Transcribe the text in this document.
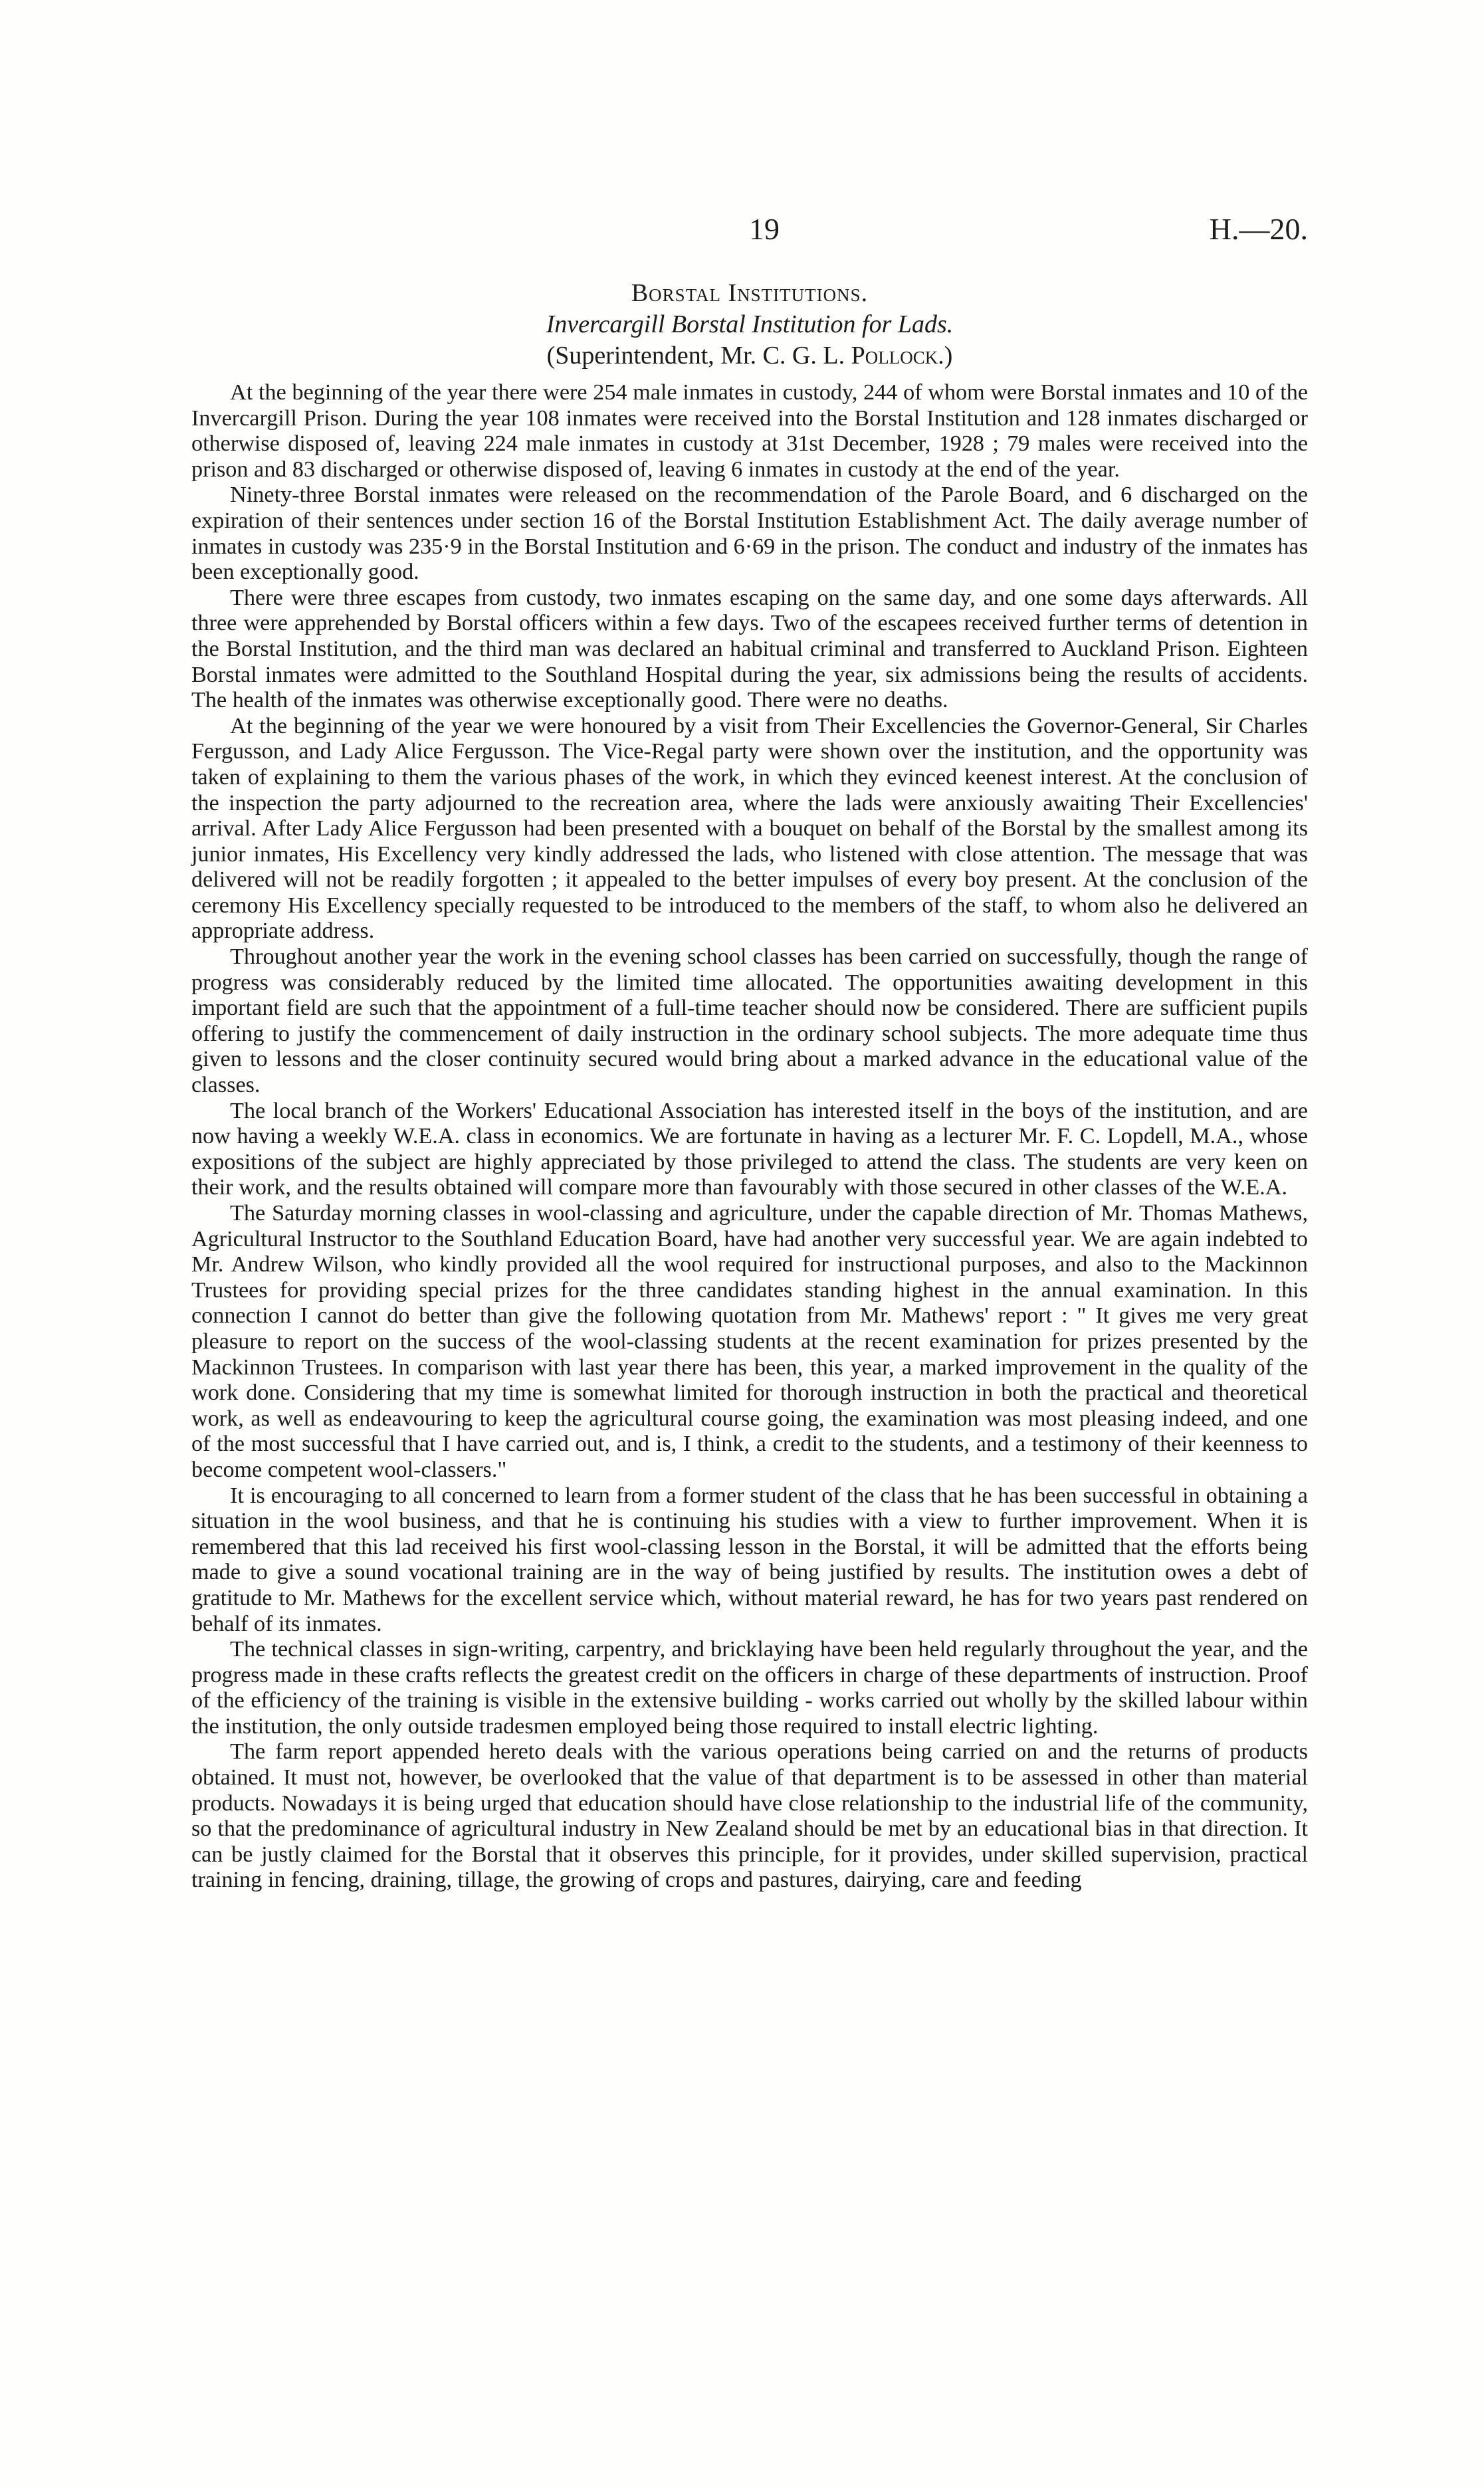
19	H.—20.
Borstal Institutions.
Invercargill Borstal Institution for Lads.
(Superintendent, Mr. C. G. L. Pollock.)

At the beginning of the year there were 254 male inmates in custody, 244 of whom were Borstal inmates and 10 of the Invercargill Prison. During the year 108 inmates were received into the Borstal Institution and 128 inmates discharged or otherwise disposed of, leaving 224 male inmates in custody at 31st December, 1928 ; 79 males were received into the prison and 83 discharged or otherwise disposed of, leaving 6 inmates in custody at the end of the year.

Ninety-three Borstal inmates were released on the recommendation of the Parole Board, and 6 discharged on the expiration of their sentences under section 16 of the Borstal Institution Establishment Act. The daily average number of inmates in custody was 235·9 in the Borstal Institution and 6·69 in the prison. The conduct and industry of the inmates has been exceptionally good.

There were three escapes from custody, two inmates escaping on the same day, and one some days afterwards. All three were apprehended by Borstal officers within a few days. Two of the escapees received further terms of detention in the Borstal Institution, and the third man was declared an habitual criminal and transferred to Auckland Prison. Eighteen Borstal inmates were admitted to the Southland Hospital during the year, six admissions being the results of accidents. The health of the inmates was otherwise exceptionally good. There were no deaths.

At the beginning of the year we were honoured by a visit from Their Excellencies the Governor-General, Sir Charles Fergusson, and Lady Alice Fergusson. The Vice-Regal party were shown over the institution, and the opportunity was taken of explaining to them the various phases of the work, in which they evinced keenest interest. At the conclusion of the inspection the party adjourned to the recreation area, where the lads were anxiously awaiting Their Excellencies' arrival. After Lady Alice Fergusson had been presented with a bouquet on behalf of the Borstal by the smallest among its junior inmates, His Excellency very kindly addressed the lads, who listened with close attention. The message that was delivered will not be readily forgotten ; it appealed to the better impulses of every boy present. At the conclusion of the ceremony His Excellency specially requested to be introduced to the members of the staff, to whom also he delivered an appropriate address.

Throughout another year the work in the evening school classes has been carried on successfully, though the range of progress was considerably reduced by the limited time allocated. The opportunities awaiting development in this important field are such that the appointment of a full-time teacher should now be considered. There are sufficient pupils offering to justify the commencement of daily instruction in the ordinary school subjects. The more adequate time thus given to lessons and the closer continuity secured would bring about a marked advance in the educational value of the classes.

The local branch of the Workers' Educational Association has interested itself in the boys of the institution, and are now having a weekly W.E.A. class in economics. We are fortunate in having as a lecturer Mr. F. C. Lopdell, M.A., whose expositions of the subject are highly appreciated by those privileged to attend the class. The students are very keen on their work, and the results obtained will compare more than favourably with those secured in other classes of the W.E.A.

The Saturday morning classes in wool-classing and agriculture, under the capable direction of Mr. Thomas Mathews, Agricultural Instructor to the Southland Education Board, have had another very successful year. We are again indebted to Mr. Andrew Wilson, who kindly provided all the wool required for instructional purposes, and also to the Mackinnon Trustees for providing special prizes for the three candidates standing highest in the annual examination. In this connection I cannot do better than give the following quotation from Mr. Mathews' report : " It gives me very great pleasure to report on the success of the wool-classing students at the recent examination for prizes presented by the Mackinnon Trustees. In comparison with last year there has been, this year, a marked improvement in the quality of the work done. Considering that my time is somewhat limited for thorough instruction in both the practical and theoretical work, as well as endeavouring to keep the agricultural course going, the examination was most pleasing indeed, and one of the most successful that I have carried out, and is, I think, a credit to the students, and a testimony of their keenness to become competent wool-classers."

It is encouraging to all concerned to learn from a former student of the class that he has been successful in obtaining a situation in the wool business, and that he is continuing his studies with a view to further improvement. When it is remembered that this lad received his first wool-classing lesson in the Borstal, it will be admitted that the efforts being made to give a sound vocational training are in the way of being justified by results. The institution owes a debt of gratitude to Mr. Mathews for the excellent service which, without material reward, he has for two years past rendered on behalf of its inmates.

The technical classes in sign-writing, carpentry, and bricklaying have been held regularly throughout the year, and the progress made in these crafts reflects the greatest credit on the officers in charge of these departments of instruction. Proof of the efficiency of the training is visible in the extensive building - works carried out wholly by the skilled labour within the institution, the only outside tradesmen employed being those required to install electric lighting.

The farm report appended hereto deals with the various operations being carried on and the returns of products obtained. It must not, however, be overlooked that the value of that department is to be assessed in other than material products. Nowadays it is being urged that education should have close relationship to the industrial life of the community, so that the predominance of agricultural industry in New Zealand should be met by an educational bias in that direction. It can be justly claimed for the Borstal that it observes this principle, for it provides, under skilled supervision, practical training in fencing, draining, tillage, the growing of crops and pastures, dairying, care and feeding
